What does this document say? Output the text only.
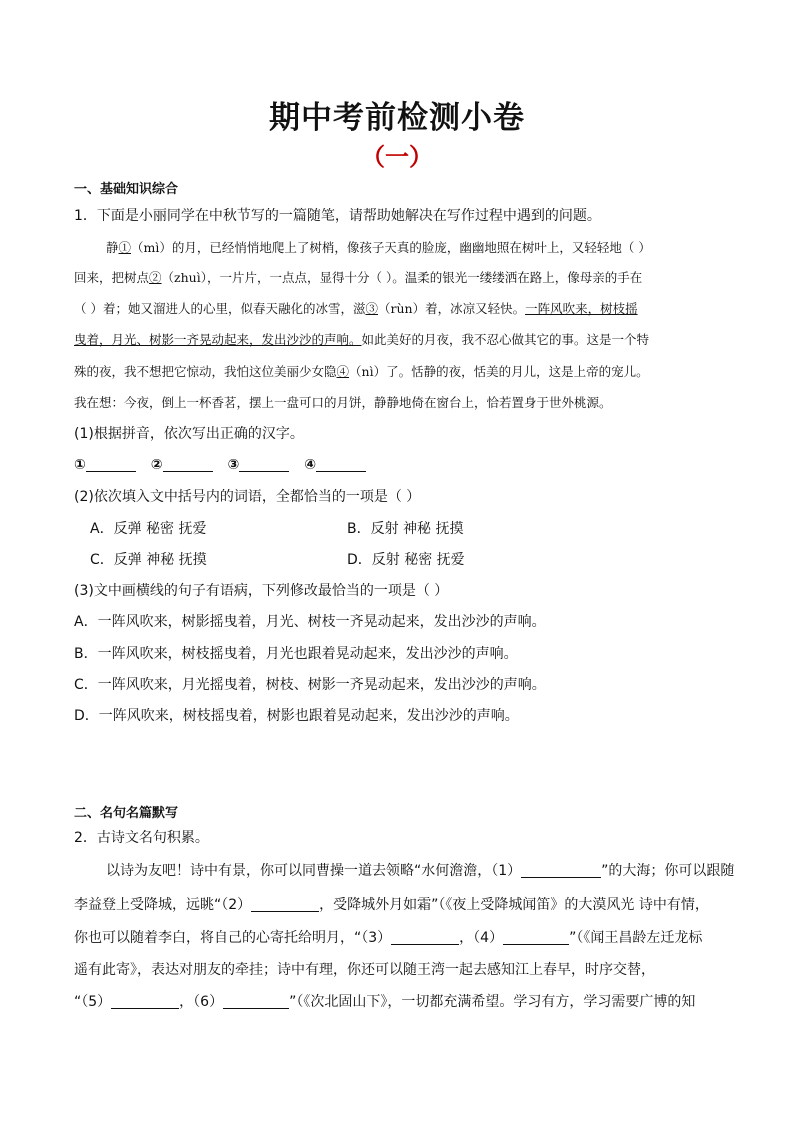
期中考前检测小卷
（一）
一、基础知识综合
1．下面是小丽同学在中秋节写的一篇随笔，请帮助她解决在写作过程中遇到的问题。
静①（mì）的月，已经悄悄地爬上了树梢，像孩子天真的脸庞，幽幽地照在树叶上，又轻轻地（ ）
回来，把树点②（zhuì），一片片，一点点，显得十分（ ）。温柔的银光一缕缕洒在路上，像母亲的手在
（ ）着；她又溜进人的心里，似春天融化的冰雪，滋③（rùn）着，冰凉又轻快。一阵风吹来，树枝摇
曳着，月光、树影一齐晃动起来，发出沙沙的声响。如此美好的月夜，我不忍心做其它的事。这是一个特
殊的夜，我不想把它惊动，我怕这位美丽少女隐④（nì）了。恬静的夜，恬美的月儿，这是上帝的宠儿。
我在想：今夜，倒上一杯香茗，摆上一盘可口的月饼，静静地倚在窗台上，恰若置身于世外桃源。
(1)根据拼音，依次写出正确的汉字。
①	②	③	④
(2)依次填入文中括号内的词语，全都恰当的一项是（ ）
A．反弹 秘密 抚爱	B．反射 神秘 抚摸
C．反弹 神秘 抚摸	D．反射 秘密 抚爱
(3)文中画横线的句子有语病，下列修改最恰当的一项是（ ）
A．一阵风吹来，树影摇曳着，月光、树枝一齐晃动起来，发出沙沙的声响。
B．一阵风吹来，树枝摇曳着，月光也跟着晃动起来，发出沙沙的声响。
C．一阵风吹来，月光摇曳着，树枝、树影一齐晃动起来，发出沙沙的声响。
D．一阵风吹来，树枝摇曳着，树影也跟着晃动起来，发出沙沙的声响。
二、名句名篇默写
2．古诗文名句积累。
以诗为友吧！诗中有景，你可以同曹操一道去领略“水何澹澹，（1）	”的大海；你可以跟随
李益登上受降城，远眺“（2）	，受降城外月如霜”（《夜上受降城闻笛》的大漠风光 诗中有情，
你也可以随着李白，将自己的心寄托给明月，“（3）	，（4）	”（《闻王昌龄左迁龙标
遥有此寄》，表达对朋友的牵挂；诗中有理，你还可以随王湾一起去感知江上春早，时序交替，
“（5）	，（6）	”（《次北固山下》，一切都充满希望。学习有方，学习需要广博的知
